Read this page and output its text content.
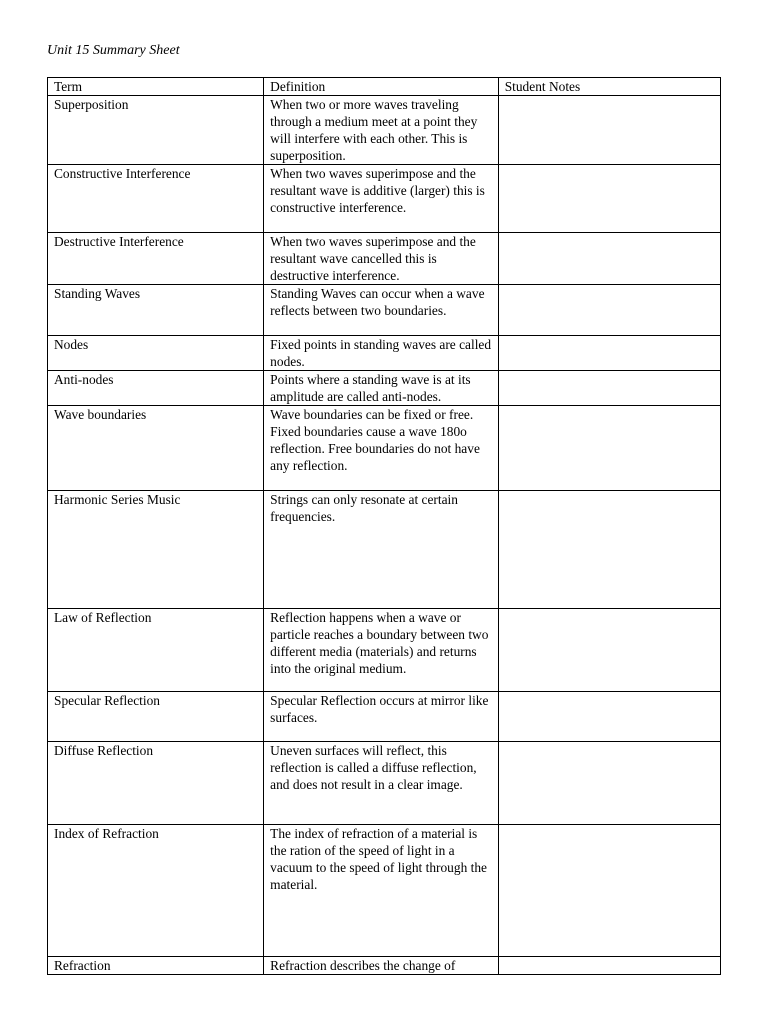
Unit 15 Summary Sheet
Term	Definition	Student Notes
Superposition	When two or more waves traveling through a medium meet at a point they will interfere with each other. This is superposition.	
Constructive Interference	When two waves superimpose and the resultant wave is additive (larger) this is constructive interference.	
Destructive Interference	When two waves superimpose and the resultant wave cancelled this is destructive interference.	
Standing Waves	Standing Waves can occur when a wave reflects between two boundaries.	
Nodes	Fixed points in standing waves are called nodes.	
Anti-nodes	Points where a standing wave is at its amplitude are called anti-nodes.	
Wave boundaries	Wave boundaries can be fixed or free. Fixed boundaries cause a wave 180o reflection. Free boundaries do not have any reflection.	
Harmonic Series Music	Strings can only resonate at certain frequencies.	
Law of Reflection	Reflection happens when a wave or particle reaches a boundary between two different media (materials) and returns into the original medium.	
Specular Reflection	Specular Reflection occurs at mirror like surfaces.	
Diffuse Reflection	Uneven surfaces will reflect, this reflection is called a diffuse reflection, and does not result in a clear image.	
Index of Refraction	The index of refraction of a material is the ration of the speed of light in a vacuum to the speed of light through the material.	
Refraction	Refraction describes the change of	
